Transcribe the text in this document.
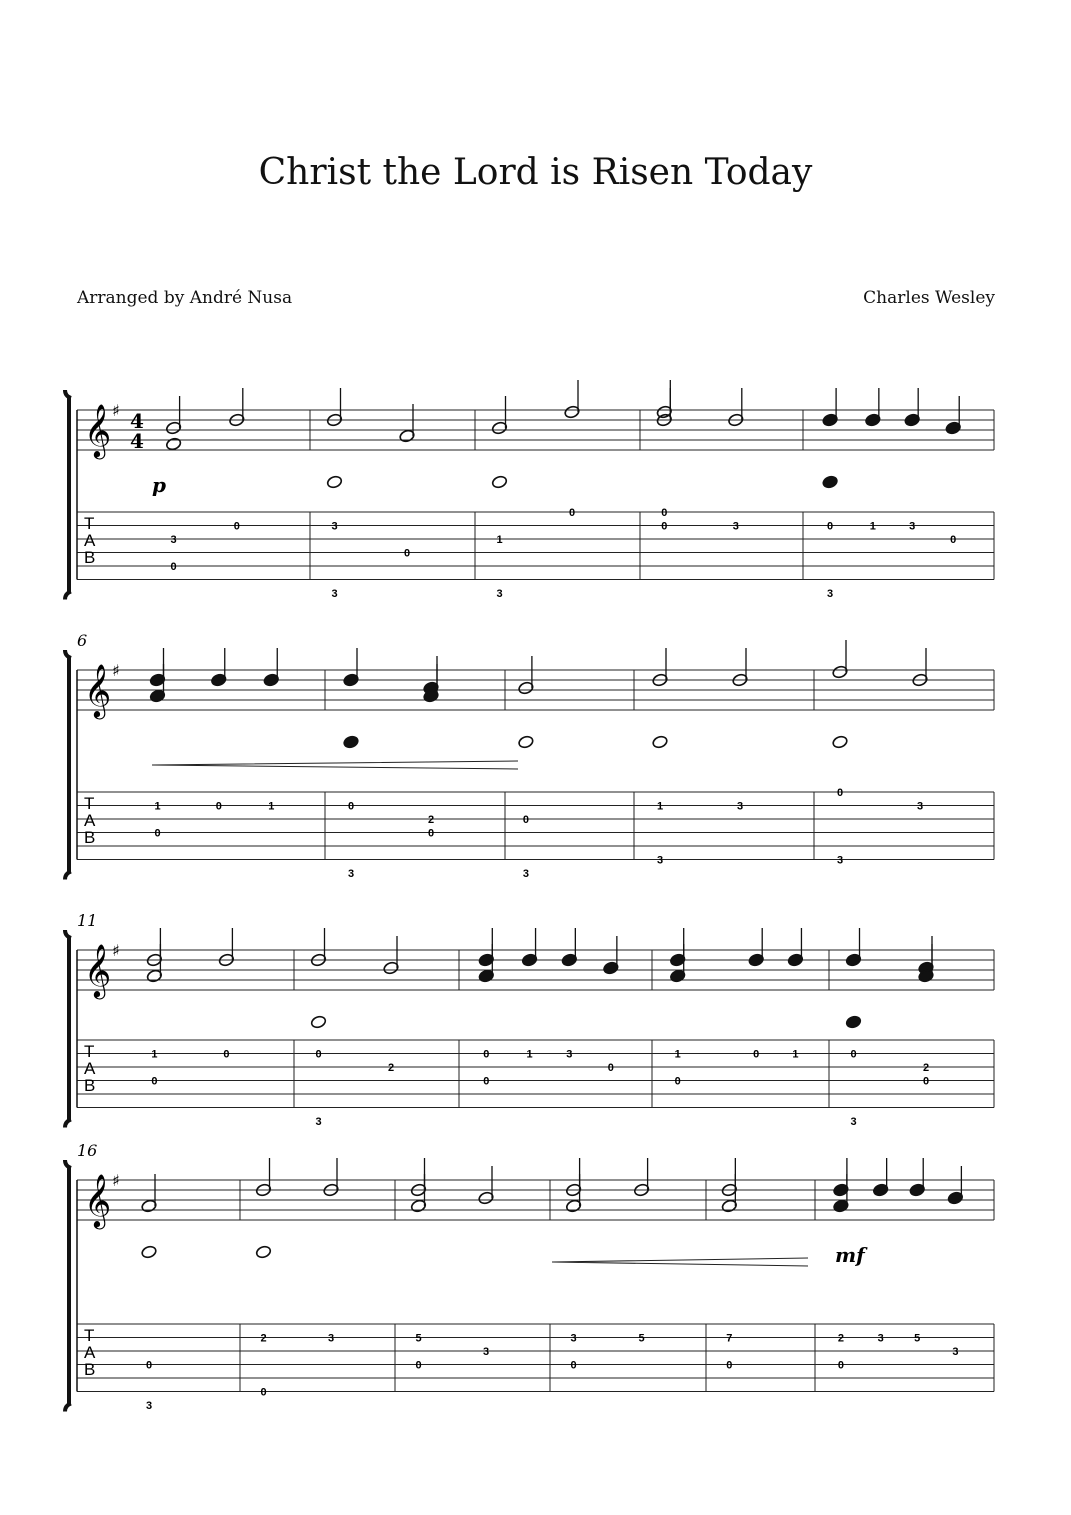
Christ the Lord is Risen Today
Arranged by André Nusa	Charles Wesley
𝄞 ♯ 4
4
T
A
B
3
0
0
p
3
3
0
1
3
0	0
0	3	0
3
1	3
0
𝄞 ♯
6
T
A
B
1
0
0	1	0
3
2
0
0
3
1
3
3
0
3
3
𝄞 ♯
11
T
A
B
1
0
0	0
3
2
0
0
1	3
0
1
0
0	1	0
3
2
0
𝄞 ♯
16
T
A
B	0
3
2
0
3	5
0
3
3
0
5	7
0
2
0
3	5
3
mf
